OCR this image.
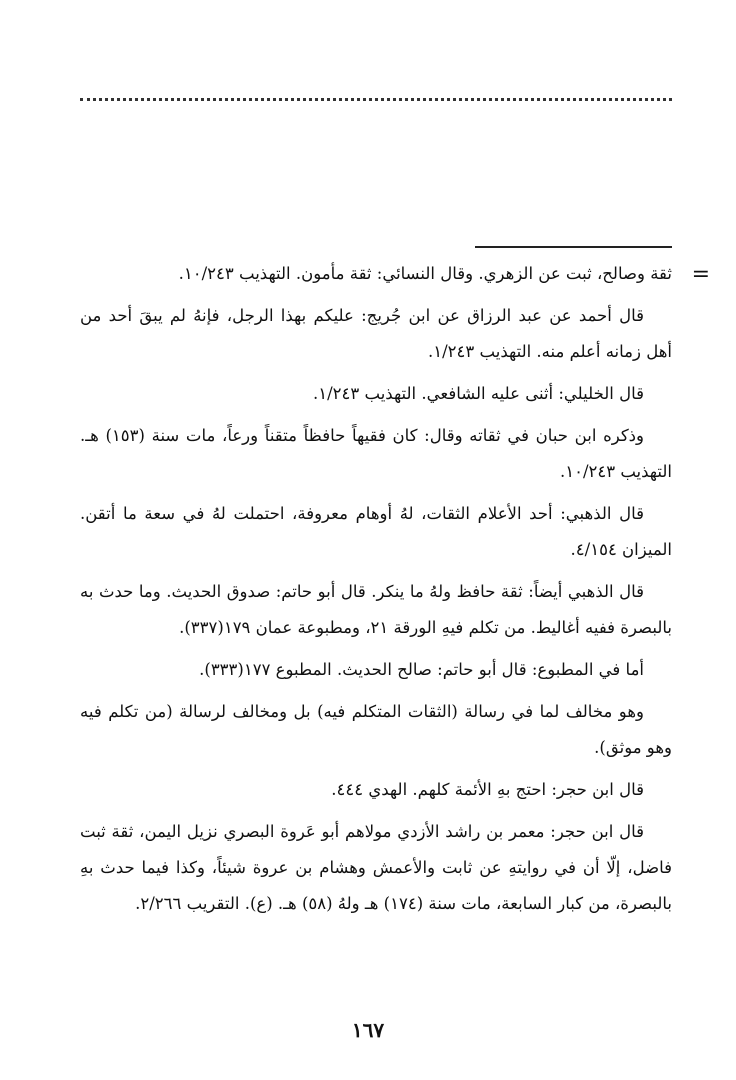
=

ثقة وصالح، ثبت عن الزهري. وقال النسائي: ثقة مأمون. التهذيب ١٠/٢٤٣.

قال أحمد عن عبد الرزاق عن ابن جُريج: عليكم بهذا الرجل، فإنهُ لم يبقَ أحد من أهل زمانه أعلم منه. التهذيب ١/٢٤٣.

قال الخليلي: أثنى عليه الشافعي. التهذيب ١/٢٤٣.

وذكره ابن حبان في ثقاته وقال: كان فقيهاً حافظاً متقناً ورعاً، مات سنة (١٥٣) هـ. التهذيب ١٠/٢٤٣.

قال الذهبي: أحد الأعلام الثقات، لهُ أوهام معروفة، احتملت لهُ في سعة ما أتقن. الميزان ٤/١٥٤.

قال الذهبي أيضاً: ثقة حافظ ولهُ ما ينكر. قال أبو حاتم: صدوق الحديث. وما حدث به بالبصرة ففيه أغاليط. من تكلم فيهِ الورقة ٢١، ومطبوعة عمان ١٧٩(٣٣٧).

أما في المطبوع: قال أبو حاتم: صالح الحديث. المطبوع ١٧٧(٣٣٣).

وهو مخالف لما في رسالة (الثقات المتكلم فيه) بل ومخالف لرسالة (من تكلم فيه وهو موثق).

قال ابن حجر: احتج بهِ الأئمة كلهم. الهدي ٤٤٤.

قال ابن حجر: معمر بن راشد الأزدي مولاهم أبو عَروة البصري نزيل اليمن، ثقة ثبت فاضل، إلّا أن في روايتهِ عن ثابت والأعمش وهشام بن عروة شيئاً، وكذا فيما حدث بهِ بالبصرة، من كبار السابعة، مات سنة (١٧٤) هـ ولهُ (٥٨) هـ. (ع). التقريب ٢/٢٦٦.

١٦٧
